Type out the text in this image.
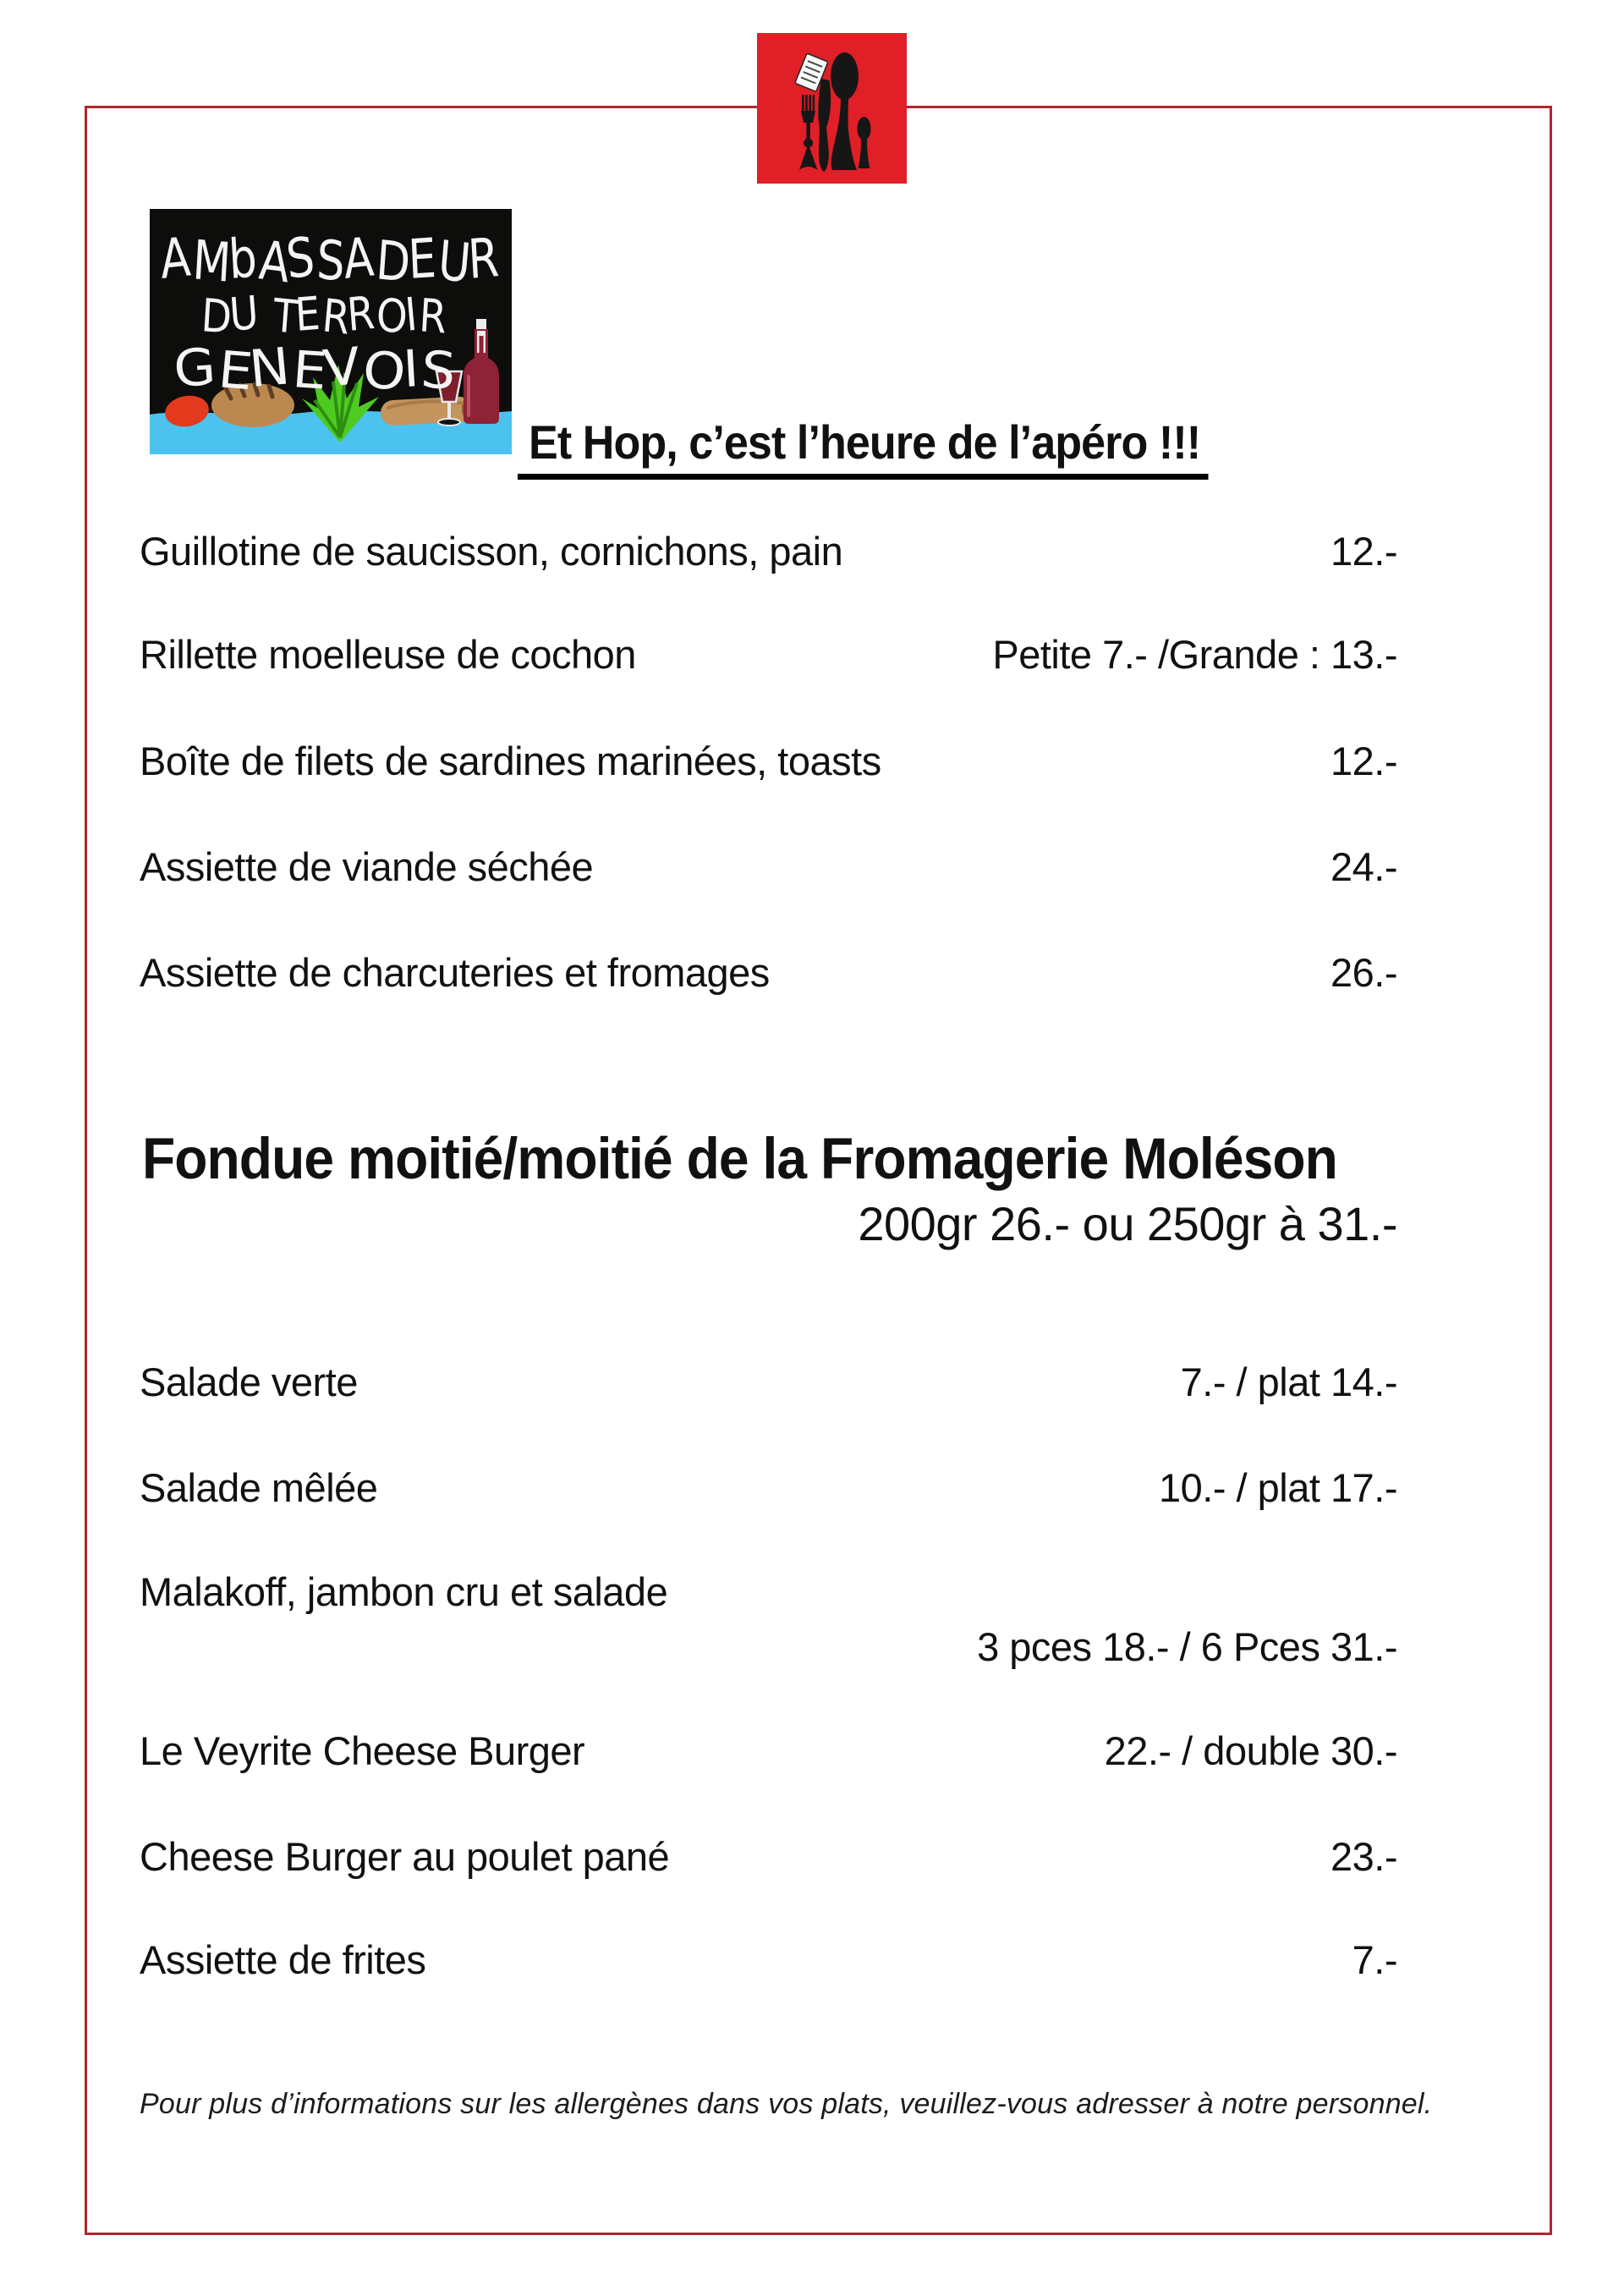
AMbASSADEUR
DU TERROIR
GENEVOIS
Et Hop, c’est l’heure de l’apéro !!!
Guillotine de saucisson, cornichons, pain	12.-
Rillette moelleuse de cochon	Petite 7.- /Grande : 13.-
Boîte de filets de sardines marinées, toasts	12.-
Assiette de viande séchée	24.-
Assiette de charcuteries et fromages	26.-
Fondue moitié/moitié de la Fromagerie Moléson
200gr 26.- ou 250gr à 31.-
Salade verte	7.- / plat 14.-
Salade mêlée	10.- / plat 17.-
Malakoff, jambon cru et salade
3 pces 18.- / 6 Pces 31.-
Le Veyrite Cheese Burger	22.- / double 30.-
Cheese Burger au poulet pané	23.-
Assiette de frites	7.-
Pour plus d’informations sur les allergènes dans vos plats, veuillez-vous adresser à notre personnel.
